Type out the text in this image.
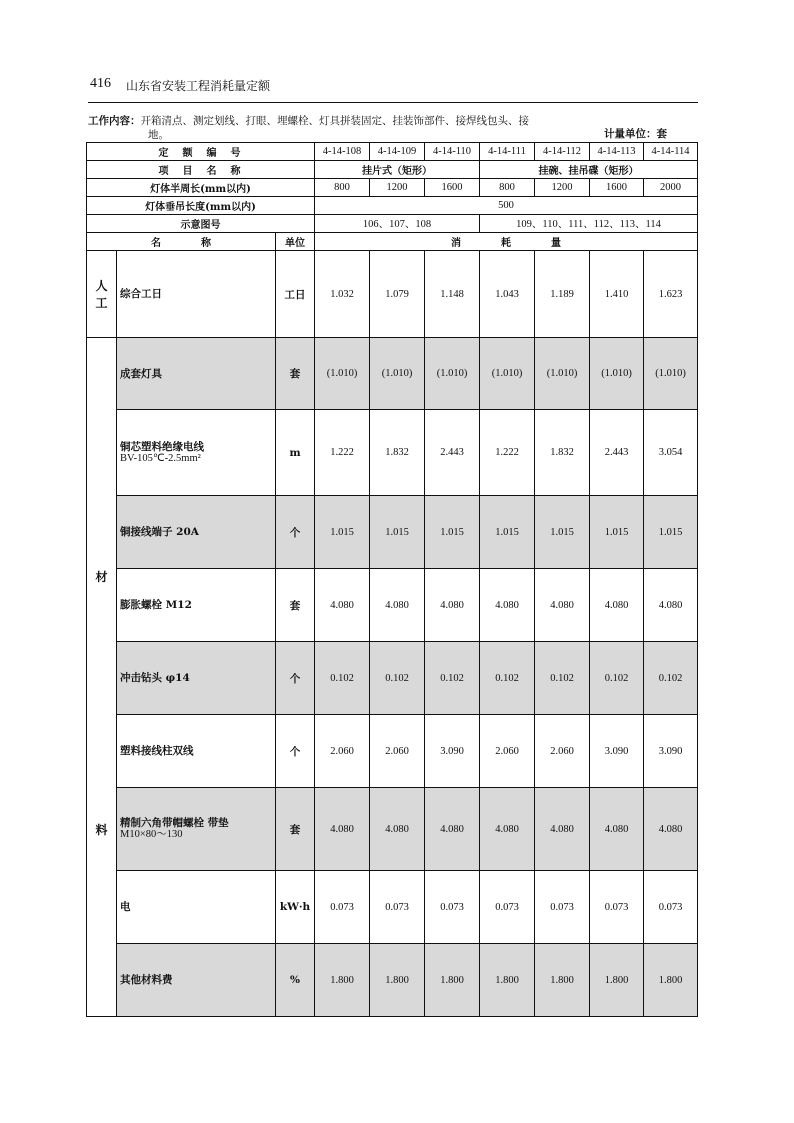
416 山东省安装工程消耗量定额
工作内容：开箱清点、测定划线、打眼、埋螺栓、灯具拼装固定、挂装饰部件、接焊线包头、接
地。	计量单位：套
定　额　编　号			4-14-108	4-14-109	4-14-110	4-14-111	4-14-112	4-14-113	4-14-114
项　目　名　称			挂片式（矩形）			挂碗、挂吊碟（矩形）			
灯体半周长(mm以内)			800	1200	1600	800	1200	1600	2000
灯体垂吊长度(mm以内)			500						
示意图号			106、107、108			109、110、111、112、113、114			
名　　　　称		单位	消　　　　耗　　　　量						
人
工	综合工日	工日	1.032	1.079	1.148	1.043	1.189	1.410	1.623

材
料	成套灯具	套	(1.010)	(1.010)	(1.010)	(1.010)	(1.010)	(1.010)	(1.010)

	铜芯塑料绝缘电线
BV-105℃-2.5mm²	m	1.222	1.832	2.443	1.222	1.832	2.443	3.054

	铜接线端子 20A	个	1.015	1.015	1.015	1.015	1.015	1.015	1.015

	膨胀螺栓 M12	套	4.080	4.080	4.080	4.080	4.080	4.080	4.080

	冲击钻头 φ14	个	0.102	0.102	0.102	0.102	0.102	0.102	0.102

	塑料接线柱双线	个	2.060	2.060	3.090	2.060	2.060	3.090	3.090

	精制六角带帽螺栓 带垫
M10×80～130	套	4.080	4.080	4.080	4.080	4.080	4.080	4.080

	电	kW·h	0.073	0.073	0.073	0.073	0.073	0.073	0.073

	其他材料费	%	1.800	1.800	1.800	1.800	1.800	1.800	1.800
